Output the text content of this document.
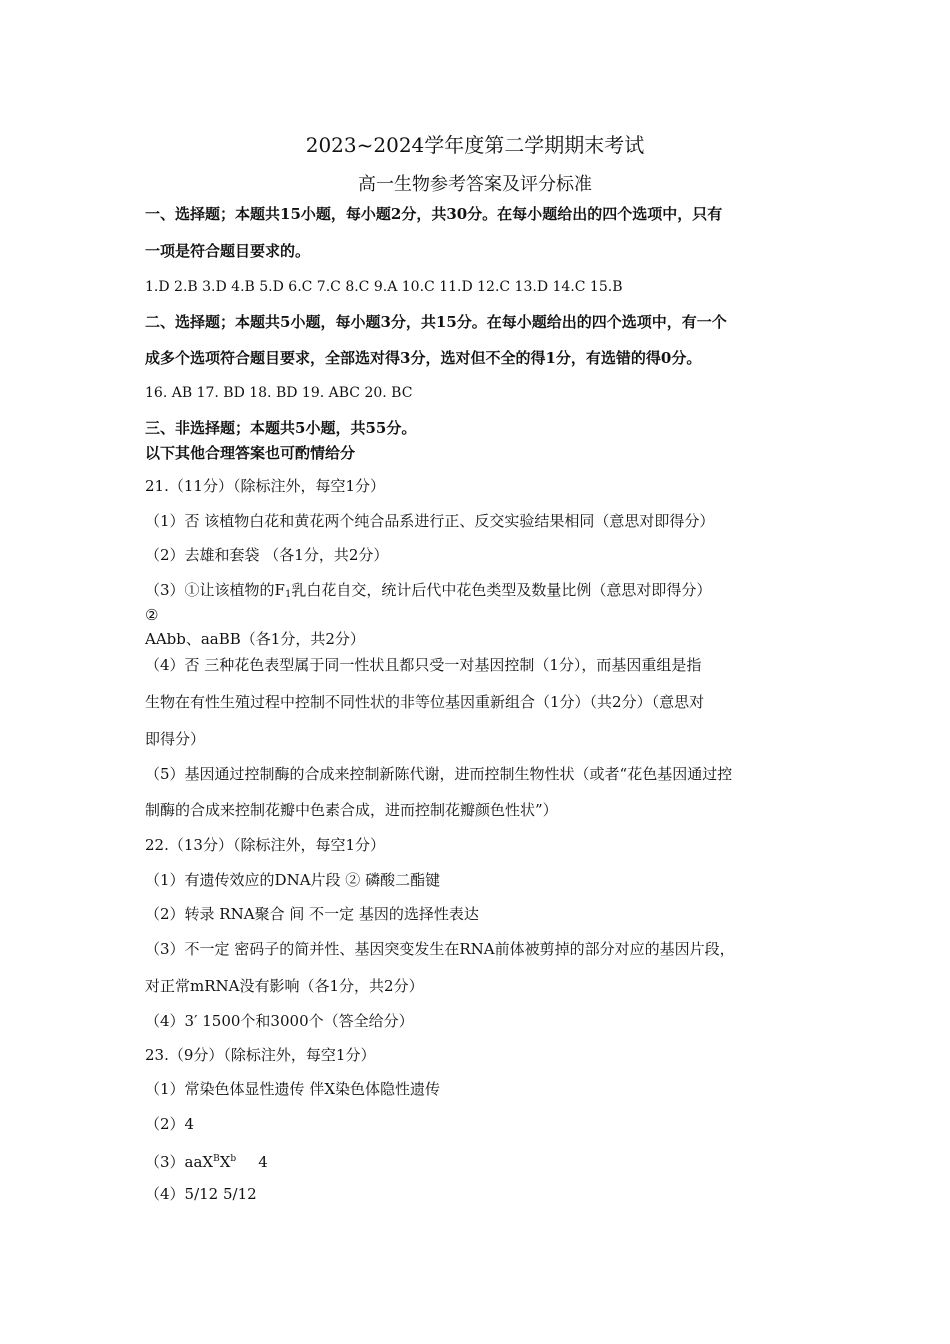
2023~2024学年度第二学期期末考试
高一生物参考答案及评分标准
一、选择题；本题共15小题，每小题2分，共30分。在每小题给出的四个选项中，只有
一项是符合题目要求的。
1.D 2.B 3.D 4.B 5.D 6.C 7.C 8.C 9.A 10.C 11.D 12.C 13.D 14.C 15.B
二、选择题；本题共5小题，每小题3分，共15分。在每小题给出的四个选项中，有一个
成多个选项符合题目要求，全部选对得3分，选对但不全的得1分，有选错的得0分。
16. AB 17. BD 18. BD 19. ABC 20. BC
三、非选择题；本题共5小题，共55分。
以下其他合理答案也可酌情给分
21.（11分）（除标注外，每空1分）
（1）否 该植物白花和黄花两个纯合品系进行正、反交实验结果相同（意思对即得分）
（2）去雄和套袋 （各1分，共2分）
（3）①让该植物的$F_1$乳白花自交，统计后代中花色类型及数量比例（意思对即得分）
②
AAbb、aaBB（各1分，共2分）
（4）否 三种花色表型属于同一性状且都只受一对基因控制（1分），而基因重组是指
生物在有性生殖过程中控制不同性状的非等位基因重新组合（1分）（共2分）（意思对
即得分）
（5）基因通过控制酶的合成来控制新陈代谢，进而控制生物性状（或者“花色基因通过控
制酶的合成来控制花瓣中色素合成，进而控制花瓣颜色性状”）
22.（13分）（除标注外，每空1分）
（1）有遗传效应的DNA片段 ② 磷酸二酯键
（2）转录 RNA聚合 间 不一定 基因的选择性表达
（3）不一定 密码子的简并性、基因突变发生在RNA前体被剪掉的部分对应的基因片段，
对正常mRNA没有影响（各1分，共2分）
（4）3′ 1500个和3000个（答全给分）
23.（9分）（除标注外，每空1分）
（1）常染色体显性遗传 伴X染色体隐性遗传
（2）4
$(3)aaX^BX^b$ 4
（4）5/12 5/12
